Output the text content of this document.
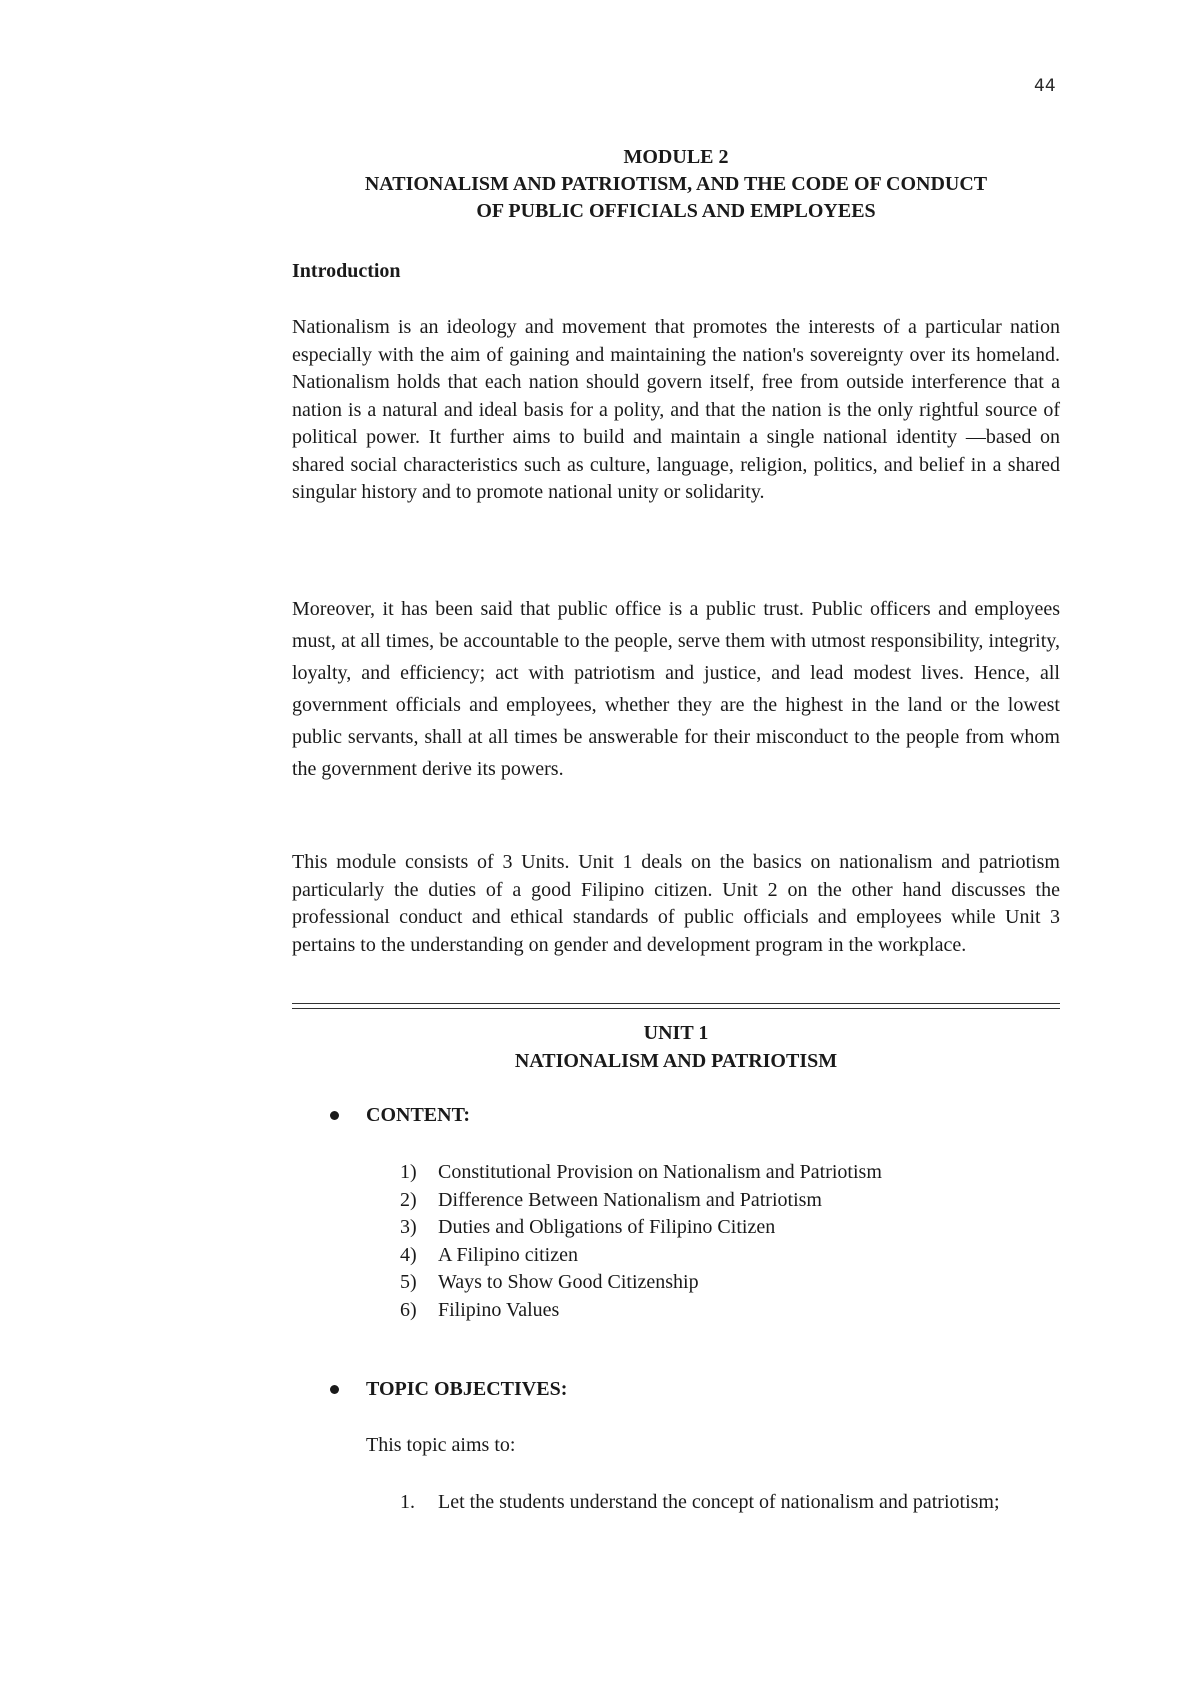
44
MODULE 2
NATIONALISM AND PATRIOTISM, AND THE CODE OF CONDUCT
OF PUBLIC OFFICIALS AND EMPLOYEES
Introduction

Nationalism is an ideology and movement that promotes the interests of a particular nation especially with the aim of gaining and maintaining the nation's sovereignty over its homeland. Nationalism holds that each nation should govern itself, free from outside interference that a nation is a natural and ideal basis for a polity, and that the nation is the only rightful source of political power. It further aims to build and maintain a single national identity —based on shared social characteristics such as culture, language, religion, politics, and belief in a shared singular history and to promote national unity or solidarity.

Moreover, it has been said that public office is a public trust. Public officers and employees must, at all times, be accountable to the people, serve them with utmost responsibility, integrity, loyalty, and efficiency; act with patriotism and justice, and lead modest lives. Hence, all government officials and employees, whether they are the highest in the land or the lowest public servants, shall at all times be answerable for their misconduct to the people from whom the government derive its powers.

This module consists of 3 Units. Unit 1 deals on the basics on nationalism and patriotism particularly the duties of a good Filipino citizen. Unit 2 on the other hand discusses the professional conduct and ethical standards of public officials and employees while Unit 3 pertains to the understanding on gender and development program in the workplace.

UNIT 1
NATIONALISM AND PATRIOTISM
CONTENT:
1)	Constitutional Provision on Nationalism and Patriotism
2)	Difference Between Nationalism and Patriotism
3)	Duties and Obligations of Filipino Citizen
4)	A Filipino citizen
5)	Ways to Show Good Citizenship
6)	Filipino Values
TOPIC OBJECTIVES:
This topic aims to:
1.	Let the students understand the concept of nationalism and patriotism;
